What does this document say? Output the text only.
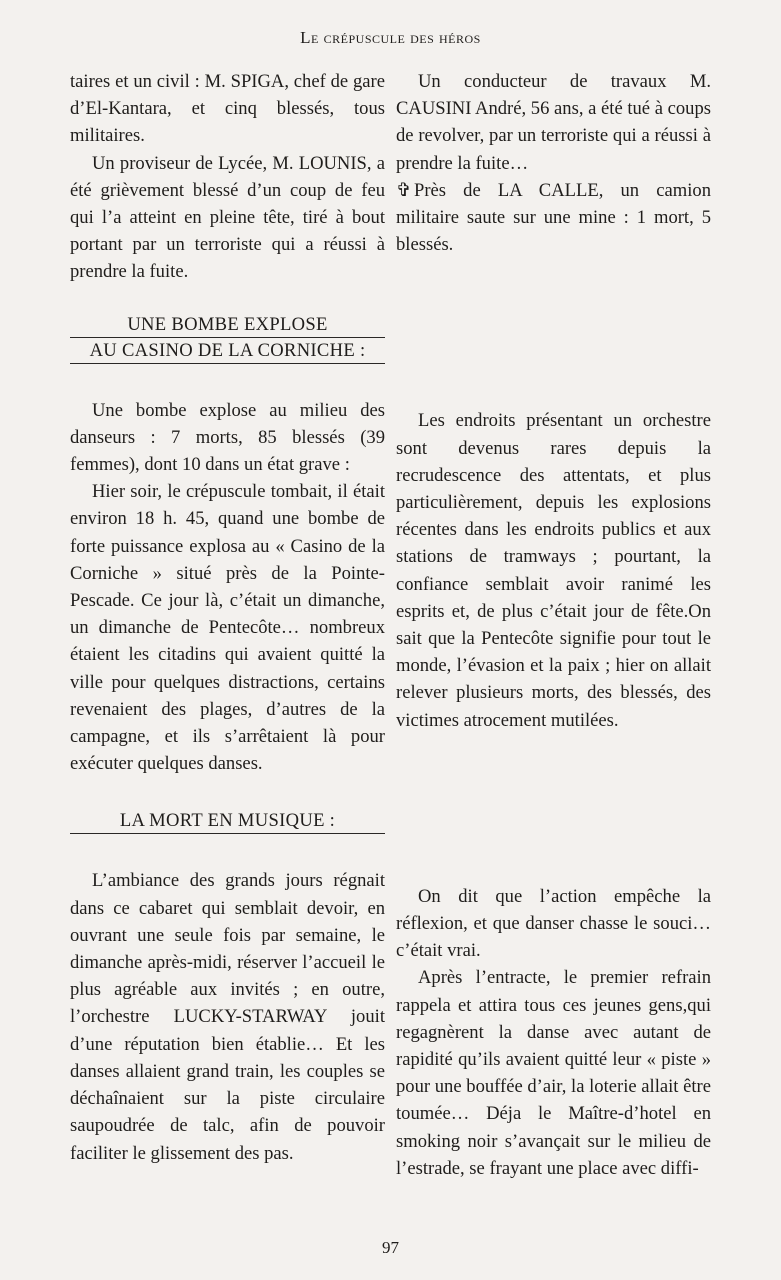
Le crépuscule des héros

taires et un civil : M. SPIGA, chef de gare d’El-Kantara, et cinq blessés, tous militaires.

Un proviseur de Lycée, M. LOUNIS, a été grièvement blessé d’un coup de feu qui l’a atteint en pleine tête, tiré à bout portant par un terroriste qui a réussi à prendre la fuite.

UNE BOMBE EXPLOSE
AU CASINO DE LA CORNICHE :

Une bombe explose au milieu des danseurs : 7 morts, 85 blessés (39 femmes), dont 10 dans un état grave :

Hier soir, le crépuscule tombait, il était environ 18 h. 45, quand une bombe de forte puissance explosa au « Casino de la Corniche » situé près de la Pointe-Pescade. Ce jour là, c’était un dimanche, un dimanche de Pentecôte… nombreux étaient les citadins qui avaient quitté la ville pour quelques distractions, certains revenaient des plages, d’autres de la campagne, et ils s’arrêtaient là pour exécuter quelques danses.

LA MORT EN MUSIQUE :

L’ambiance des grands jours régnait dans ce cabaret qui semblait devoir, en ouvrant une seule fois par semaine, le dimanche après-midi, réserver l’accueil le plus agréable aux invités ; en outre, l’orchestre LUCKY-STARWAY jouit d’une réputation bien établie… Et les danses allaient grand train, les couples se déchaînaient sur la piste circulaire saupoudrée de talc, afin de pouvoir faciliter le glissement des pas.

Un conducteur de travaux M. CAUSINI André, 56 ans, a été tué à coups de revolver, par un terroriste qui a réussi à prendre la fuite…

✞ Près de LA CALLE, un camion militaire saute sur une mine : 1 mort, 5 blessés.

Les endroits présentant un orchestre sont devenus rares depuis la recrudescence des attentats, et plus particulièrement, depuis les explosions récentes dans les endroits publics et aux stations de tramways ; pourtant, la confiance semblait avoir ranimé les esprits et, de plus c’était jour de fête.On sait que la Pentecôte signifie pour tout le monde, l’évasion et la paix ; hier on allait relever plusieurs morts, des blessés, des victimes atrocement mutilées.

On dit que l’action empêche la réflexion, et que danser chasse le souci… c’était vrai.

Après l’entracte, le premier refrain rappela et attira tous ces jeunes gens,qui regagnèrent la danse avec autant de rapidité qu’ils avaient quitté leur « piste » pour une bouffée d’air, la loterie allait être toumée… Déja le Maître-d’hotel en smoking noir s’avançait sur le milieu de l’estrade, se frayant une place avec diffi-

97
